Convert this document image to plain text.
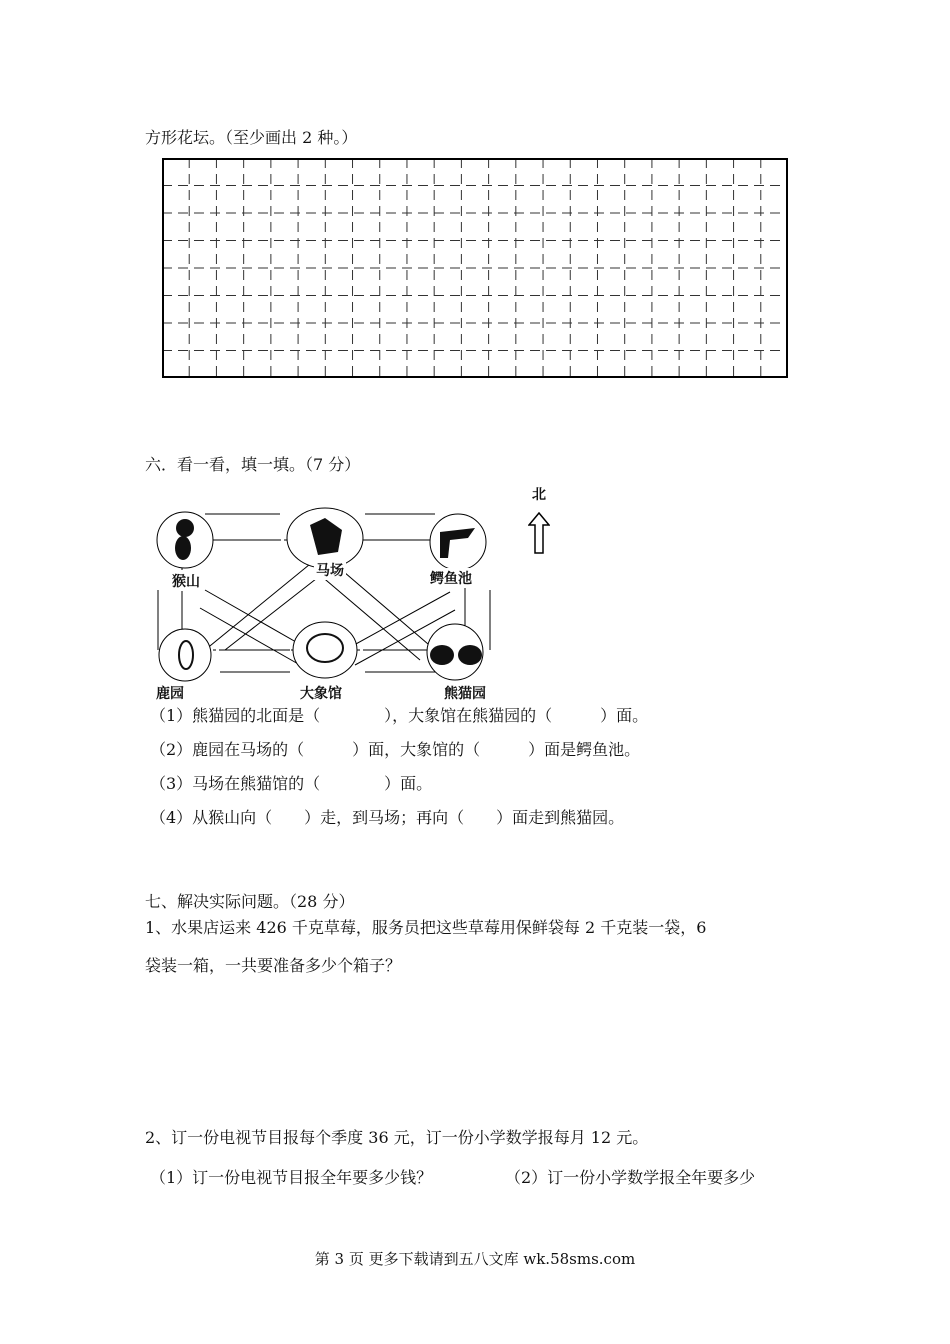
方形花坛。（至少画出 2 种。）
六．看一看，填一填。（7 分）
北
猴山
马场	鳄鱼池
鹿园	大象馆	熊猫园
（1）熊猫园的北面是（　　　　），大象馆在熊猫园的（　　　）面。
（2）鹿园在马场的（　　　）面，大象馆的（　　　）面是鳄鱼池。
（3）马场在熊猫馆的（　　　　）面。
（4）从猴山向（　　）走，到马场；再向（　　）面走到熊猫园。
七、解决实际问题。（28 分）
1、水果店运来 426 千克草莓，服务员把这些草莓用保鲜袋每 2 千克装一袋，6
袋装一箱，一共要准备多少个箱子？
2、订一份电视节目报每个季度 36 元，订一份小学数学报每月 12 元。
（1）订一份电视节目报全年要多少钱？	（2）订一份小学数学报全年要多少
第 3 页 更多下载请到五八文库 wk.58sms.com
